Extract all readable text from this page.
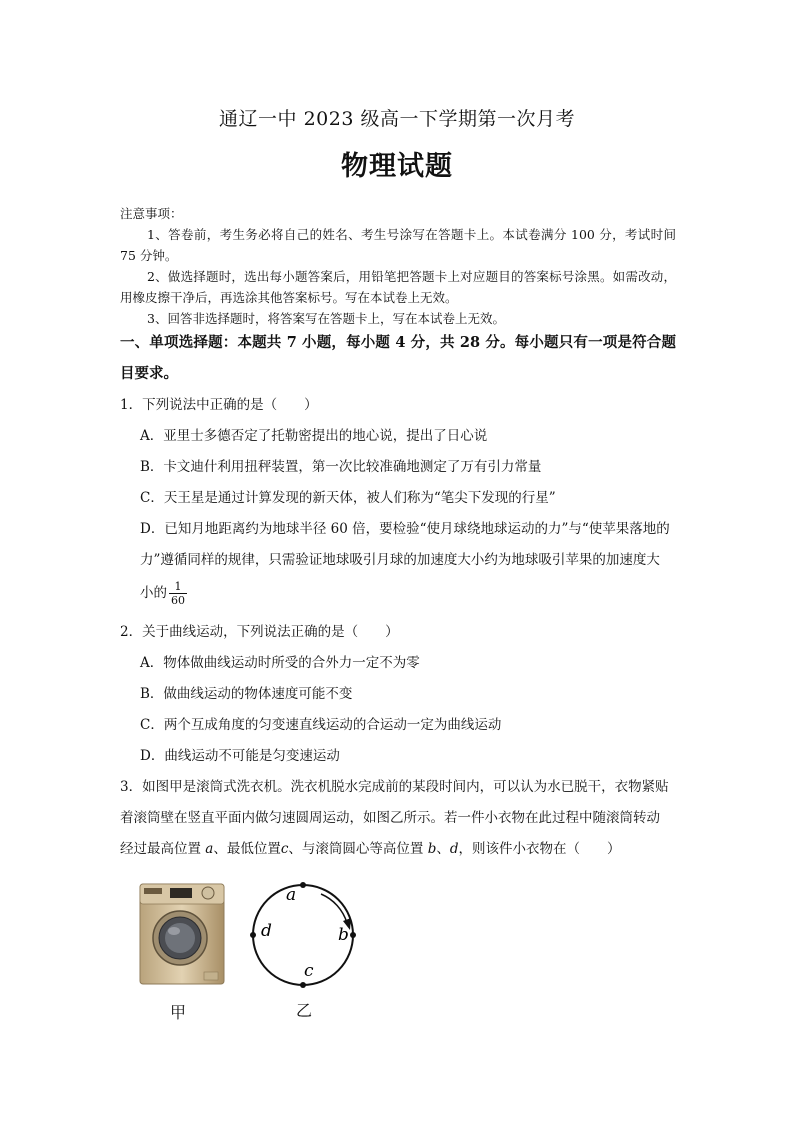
通辽一中 2023 级高一下学期第一次月考
物理试题
注意事项：

1、答卷前，考生务必将自己的姓名、考生号涂写在答题卡上。本试卷满分 100 分，考试时间 75 分钟。

2、做选择题时，选出每小题答案后，用铅笔把答题卡上对应题目的答案标号涂黑。如需改动，用橡皮擦干净后，再选涂其他答案标号。写在本试卷上无效。

3、回答非选择题时，将答案写在答题卡上，写在本试卷上无效。

一、单项选择题：本题共 7 小题，每小题 4 分，共 28 分。每小题只有一项是符合题目要求。
1．下列说法中正确的是（　　）
A．亚里士多德否定了托勒密提出的地心说，提出了日心说
B．卡文迪什利用扭秤装置，第一次比较准确地测定了万有引力常量
C．天王星是通过计算发现的新天体，被人们称为“笔尖下发现的行星”
D．已知月地距离约为地球半径 60 倍，要检验“使月球绕地球运动的力”与“使苹果落地的
力”遵循同样的规律，只需验证地球吸引月球的加速度大小约为地球吸引苹果的加速度大
小的 $\frac{1}{60}$
2．关于曲线运动，下列说法正确的是（　　）
A．物体做曲线运动时所受的合外力一定不为零
B．做曲线运动的物体速度可能不变
C．两个互成角度的匀变速直线运动的合运动一定为曲线运动
D．曲线运动不可能是匀变速运动
3．如图甲是滚筒式洗衣机。洗衣机脱水完成前的某段时间内，可以认为水已脱干，衣物紧贴
着滚筒壁在竖直平面内做匀速圆周运动，如图乙所示。若一件小衣物在此过程中随滚筒转动
经过最高位置 a、最低位置c、与滚筒圆心等高位置 b、d，则该件小衣物在（　　）
甲
a
b
c
d
乙
